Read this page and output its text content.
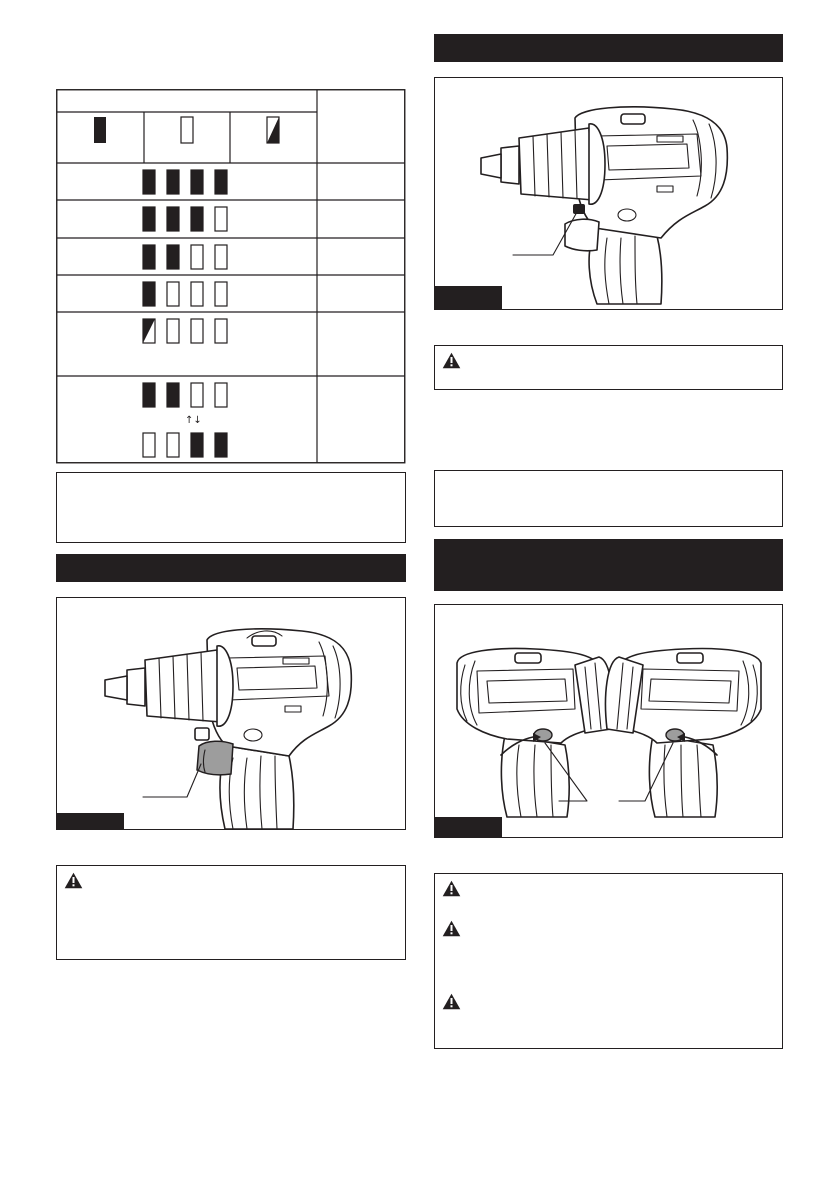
↑↓
